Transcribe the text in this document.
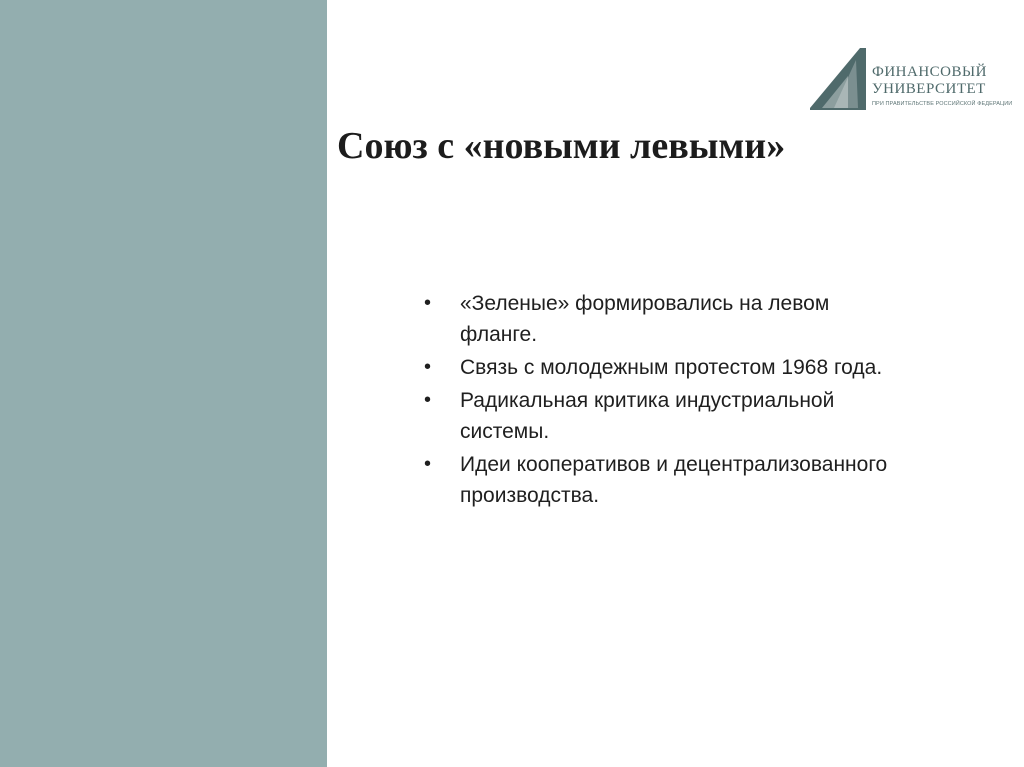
ФИНАНСОВЫЙ
УНИВЕРСИТЕТ
ПРИ ПРАВИТЕЛЬСТВЕ РОССИЙСКОЙ ФЕДЕРАЦИИ
Союз с «новыми левыми»
• «Зеленые» формировались на левом фланге.
• Связь с молодежным протестом 1968 года.
• Радикальная критика индустриальной системы.
• Идеи кооперативов и децентрализованного производства.
